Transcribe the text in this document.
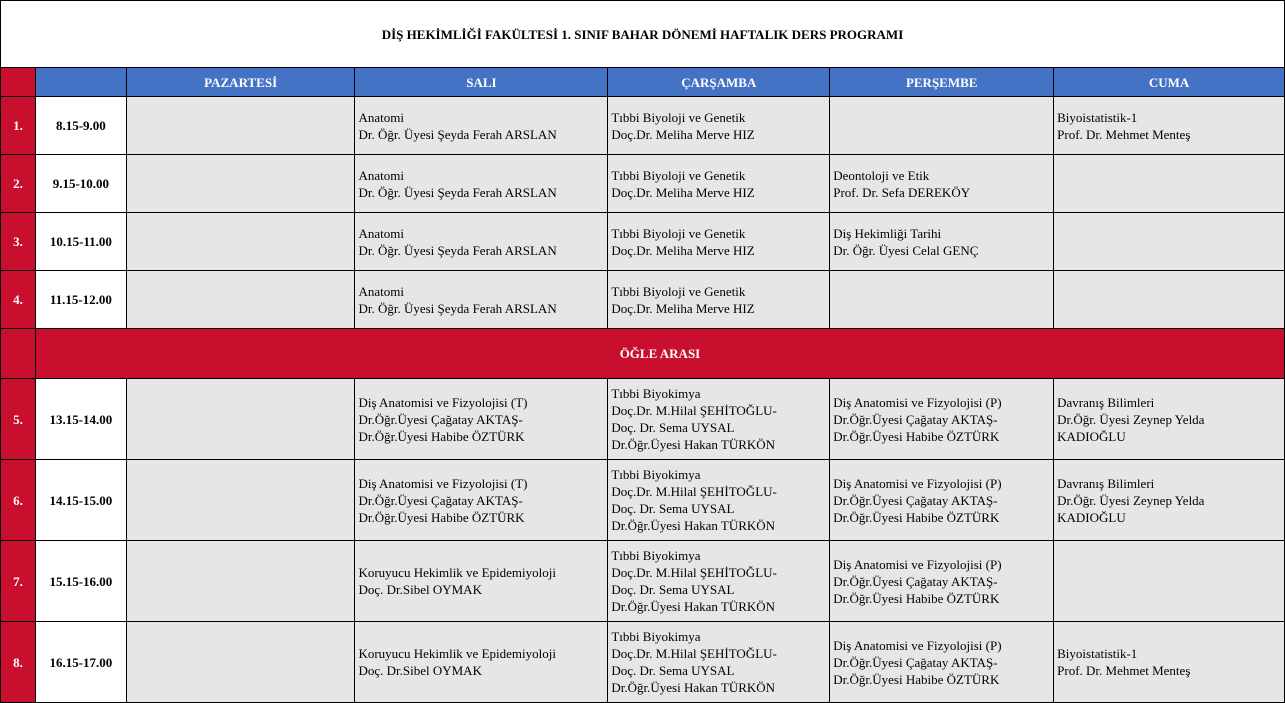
DİŞ HEKİMLİĞİ FAKÜLTESİ 1. SINIF BAHAR DÖNEMİ HAFTALIK DERS PROGRAMI						
		PAZARTESİ	SALI	ÇARŞAMBA	PERŞEMBE	CUMA
1.	8.15-9.00		Anatomi
Dr. Öğr. Üyesi Şeyda Ferah ARSLAN	Tıbbi Biyoloji ve Genetik
Doç.Dr. Meliha Merve HIZ		Biyoistatistik-1
Prof. Dr. Mehmet Menteş

2.	9.15-10.00		Anatomi
Dr. Öğr. Üyesi Şeyda Ferah ARSLAN	Tıbbi Biyoloji ve Genetik
Doç.Dr. Meliha Merve HIZ	Deontoloji ve Etik
Prof. Dr. Sefa DEREKÖY	

3.	10.15-11.00		Anatomi
Dr. Öğr. Üyesi Şeyda Ferah ARSLAN	Tıbbi Biyoloji ve Genetik
Doç.Dr. Meliha Merve HIZ	Diş Hekimliği Tarihi
Dr. Öğr. Üyesi Celal GENÇ	

4.	11.15-12.00		Anatomi
Dr. Öğr. Üyesi Şeyda Ferah ARSLAN	Tıbbi Biyoloji ve Genetik
Doç.Dr. Meliha Merve HIZ		

	ÖĞLE ARASI					
5.	13.15-14.00		Diş Anatomisi ve Fizyolojisi (T)
Dr.Öğr.Üyesi Çağatay AKTAŞ-
Dr.Öğr.Üyesi Habibe ÖZTÜRK	Tıbbi Biyokimya
Doç.Dr. M.Hilal ŞEHİTOĞLU-
Doç. Dr. Sema UYSAL
Dr.Öğr.Üyesi Hakan TÜRKÖN	Diş Anatomisi ve Fizyolojisi (P)
Dr.Öğr.Üyesi Çağatay AKTAŞ-
Dr.Öğr.Üyesi Habibe ÖZTÜRK	Davranış Bilimleri
Dr.Öğr. Üyesi Zeynep Yelda
KADIOĞLU

6.	14.15-15.00		Diş Anatomisi ve Fizyolojisi (T)
Dr.Öğr.Üyesi Çağatay AKTAŞ-
Dr.Öğr.Üyesi Habibe ÖZTÜRK	Tıbbi Biyokimya
Doç.Dr. M.Hilal ŞEHİTOĞLU-
Doç. Dr. Sema UYSAL
Dr.Öğr.Üyesi Hakan TÜRKÖN	Diş Anatomisi ve Fizyolojisi (P)
Dr.Öğr.Üyesi Çağatay AKTAŞ-
Dr.Öğr.Üyesi Habibe ÖZTÜRK	Davranış Bilimleri
Dr.Öğr. Üyesi Zeynep Yelda
KADIOĞLU

7.	15.15-16.00		Koruyucu Hekimlik ve Epidemiyoloji
Doç. Dr.Sibel OYMAK	Tıbbi Biyokimya
Doç.Dr. M.Hilal ŞEHİTOĞLU-
Doç. Dr. Sema UYSAL
Dr.Öğr.Üyesi Hakan TÜRKÖN	Diş Anatomisi ve Fizyolojisi (P)
Dr.Öğr.Üyesi Çağatay AKTAŞ-
Dr.Öğr.Üyesi Habibe ÖZTÜRK	

8.	16.15-17.00		Koruyucu Hekimlik ve Epidemiyoloji
Doç. Dr.Sibel OYMAK	Tıbbi Biyokimya
Doç.Dr. M.Hilal ŞEHİTOĞLU-
Doç. Dr. Sema UYSAL
Dr.Öğr.Üyesi Hakan TÜRKÖN	Diş Anatomisi ve Fizyolojisi (P)
Dr.Öğr.Üyesi Çağatay AKTAŞ-
Dr.Öğr.Üyesi Habibe ÖZTÜRK	Biyoistatistik-1
Prof. Dr. Mehmet Menteş
